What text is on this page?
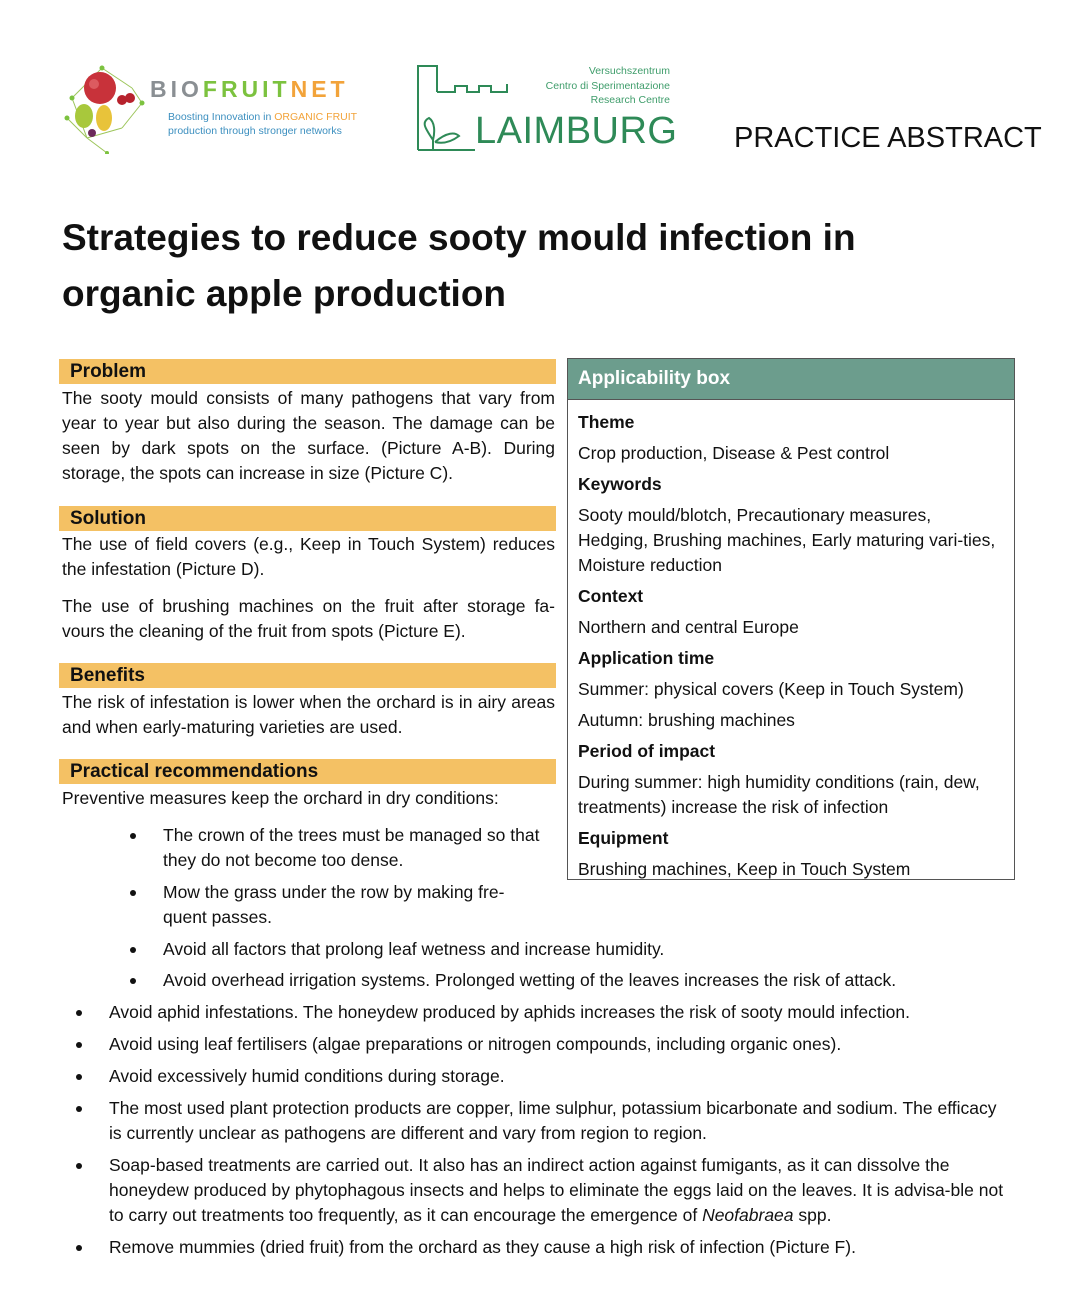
BIOFRUITNET
Boosting Innovation in ORGANIC FRUIT
production through stronger networks
Versuchszentrum
Centro di Sperimentazione
Research Centre
LAIMBURG PRACTICE ABSTRACT
Strategies to reduce sooty mould infection in organic apple production
Problem
The sooty mould consists of many pathogens that vary from year to year but also during the season. The damage can be seen by dark spots on the surface. (Picture A-B). During storage, the spots can increase in size (Picture C).
Solution
The use of field covers (e.g., Keep in Touch System) reduces the infestation (Picture D).
The use of brushing machines on the fruit after storage fa-vours the cleaning of the fruit from spots (Picture E).
Benefits
The risk of infestation is lower when the orchard is in airy areas and when early-maturing varieties are used.
Practical recommendations
Preventive measures keep the orchard in dry conditions:
The crown of the trees must be managed so that they do not become too dense.
Mow the grass under the row by making fre-quent passes.
Avoid all factors that prolong leaf wetness and increase humidity.
Avoid overhead irrigation systems. Prolonged wetting of the leaves increases the risk of attack.
Avoid aphid infestations. The honeydew produced by aphids increases the risk of sooty mould infection.
Avoid using leaf fertilisers (algae preparations or nitrogen compounds, including organic ones).
Avoid excessively humid conditions during storage.
The most used plant protection products are copper, lime sulphur, potassium bicarbonate and sodium. The efficacy is currently unclear as pathogens are different and vary from region to region.
Soap-based treatments are carried out. It also has an indirect action against fumigants, as it can dissolve the honeydew produced by phytophagous insects and helps to eliminate the eggs laid on the leaves. It is advisa-ble not to carry out treatments too frequently, as it can encourage the emergence of Neofabraea spp.
Remove mummies (dried fruit) from the orchard as they cause a high risk of infection (Picture F).
Applicability box
Theme
Crop production, Disease & Pest control
Keywords
Sooty mould/blotch, Precautionary measures, Hedging, Brushing machines, Early maturing vari-ties, Moisture reduction
Context
Northern and central Europe
Application time
Summer: physical covers (Keep in Touch System)
Autumn: brushing machines
Period of impact
During summer: high humidity conditions (rain, dew, treatments) increase the risk of infection
Equipment
Brushing machines, Keep in Touch System
